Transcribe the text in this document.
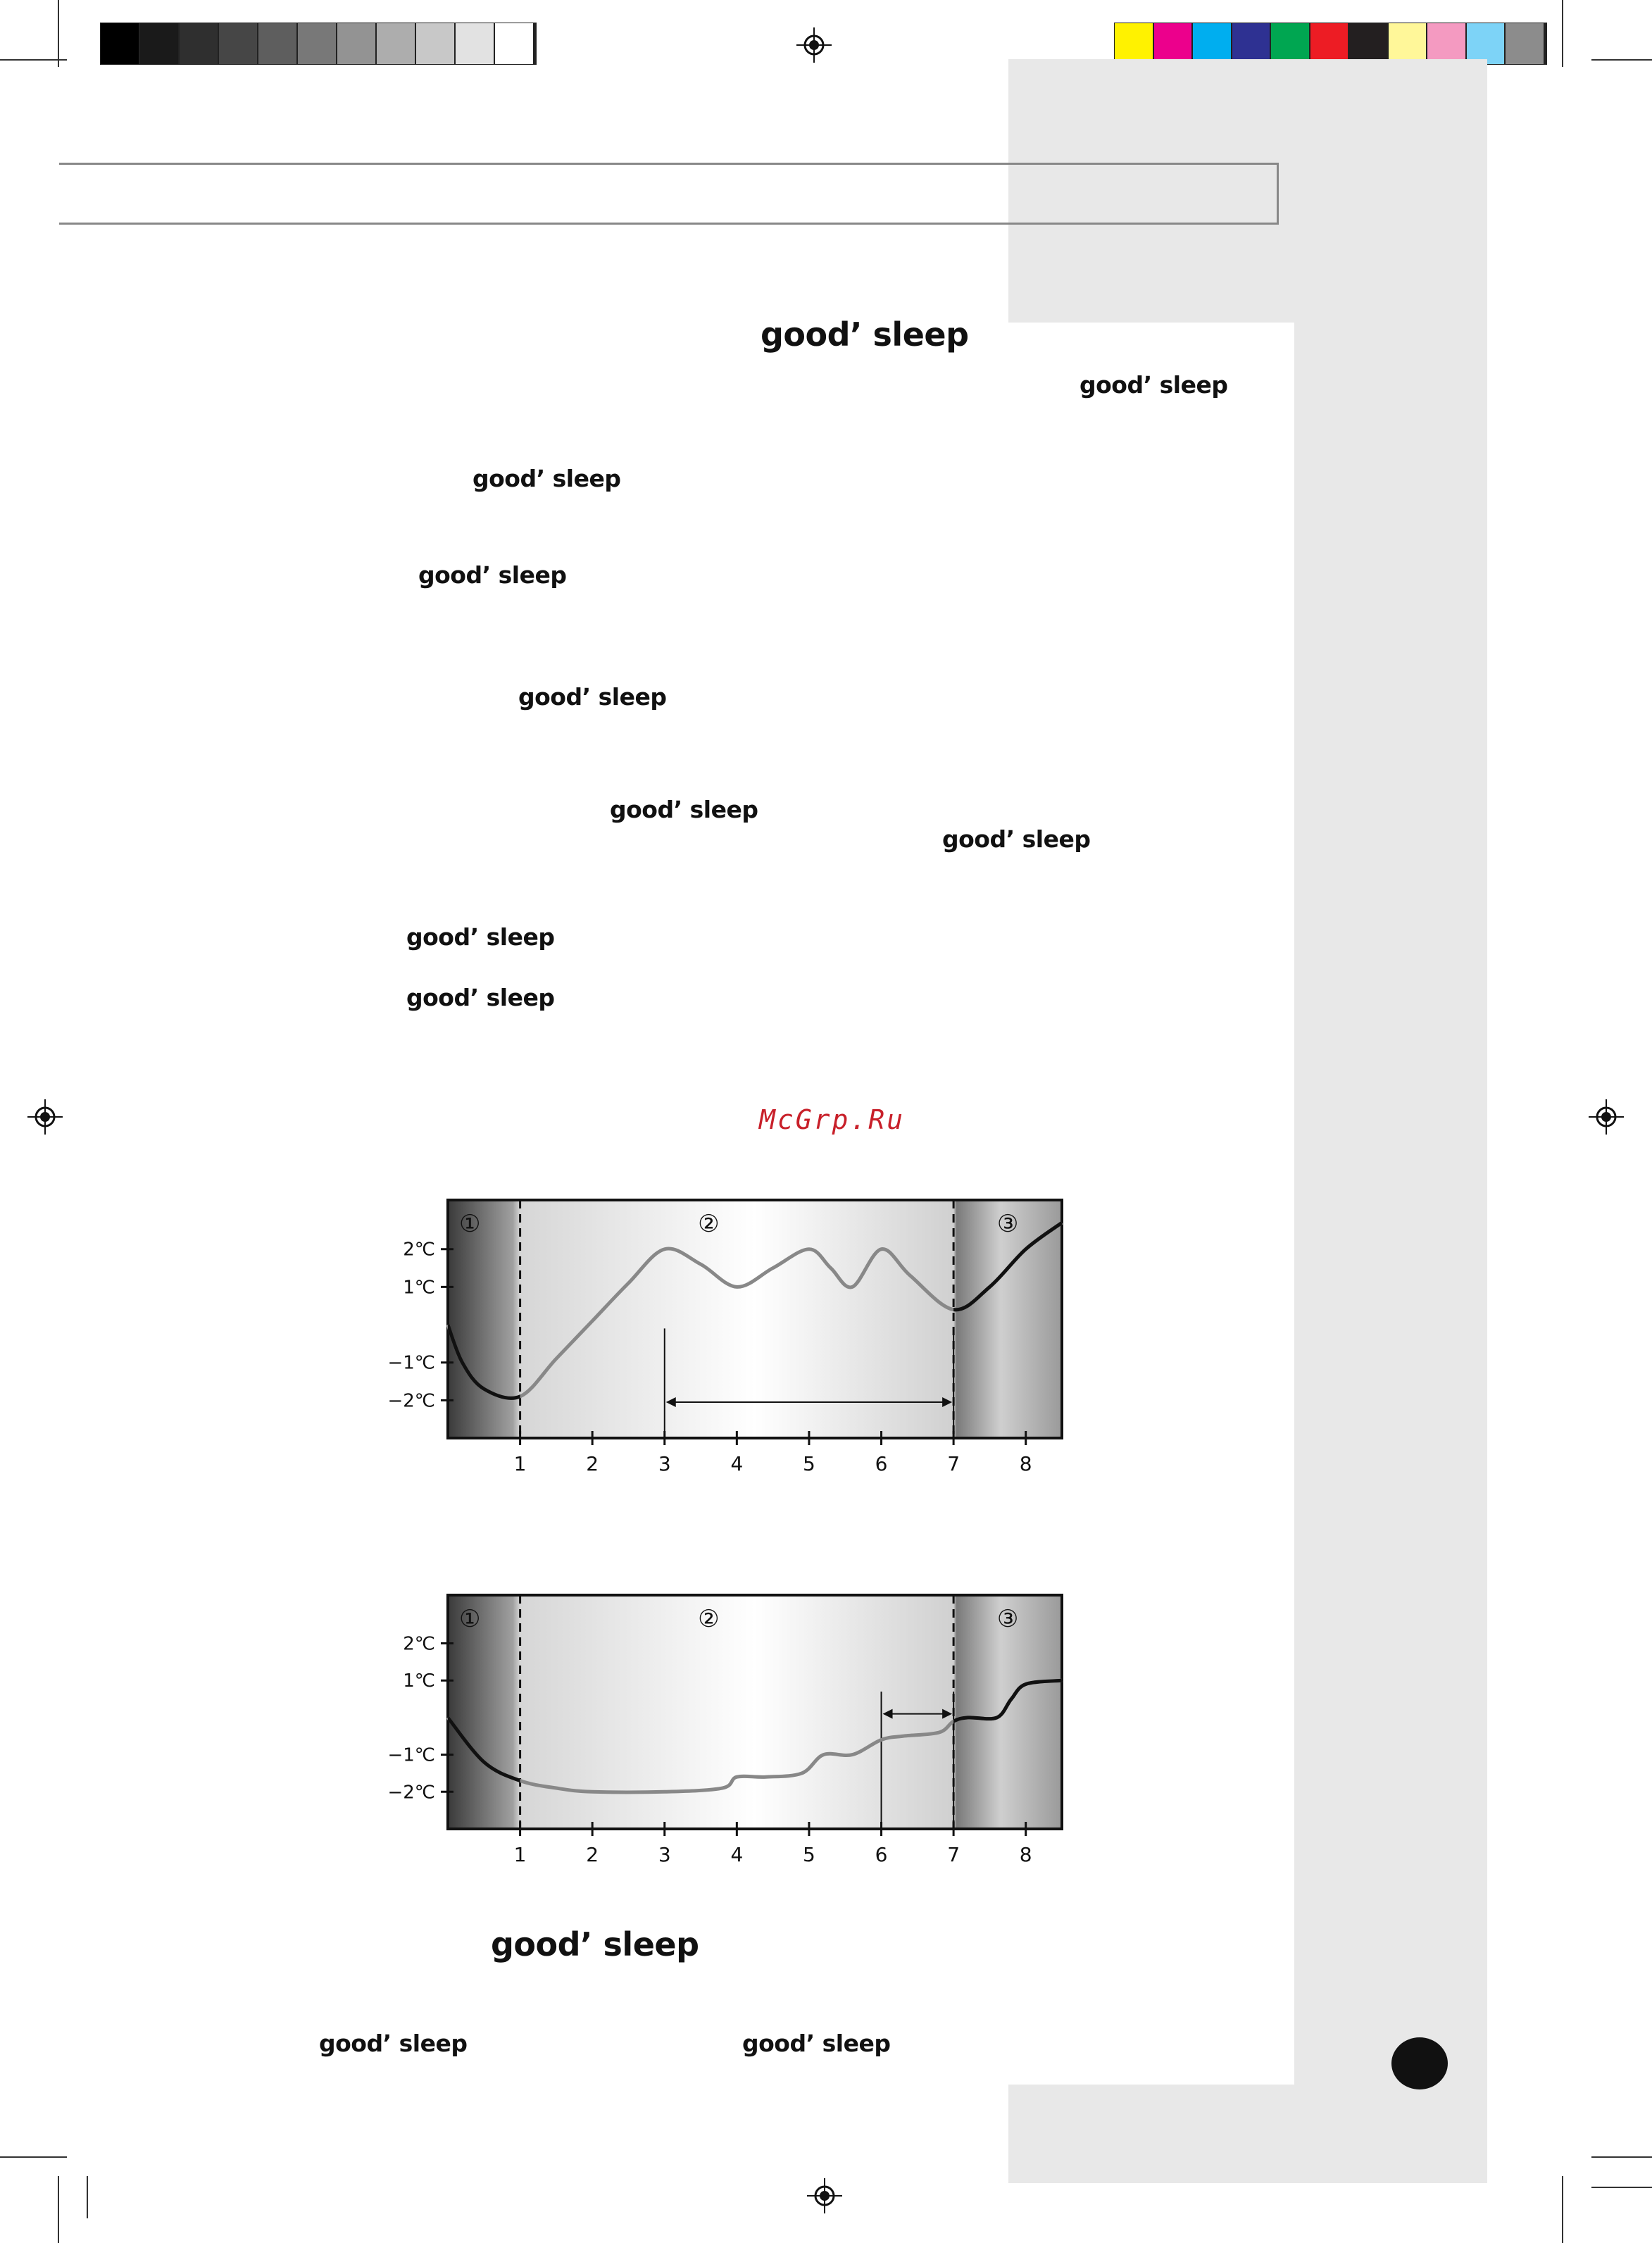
good’ sleep
good’ sleep
good’ sleep
good’ sleep
good’ sleep
good’ sleep
good’ sleep
good’ sleep
good’ sleep
good’ sleep
good’ sleep	good’ sleep
McGrp.Ru
①	②	③
2℃
1℃
−1℃
−2℃
1	2	3	4	5	6	7	8
①	②	③
2℃
1℃
−1℃
−2℃
1	2	3	4	5	6	7	8
